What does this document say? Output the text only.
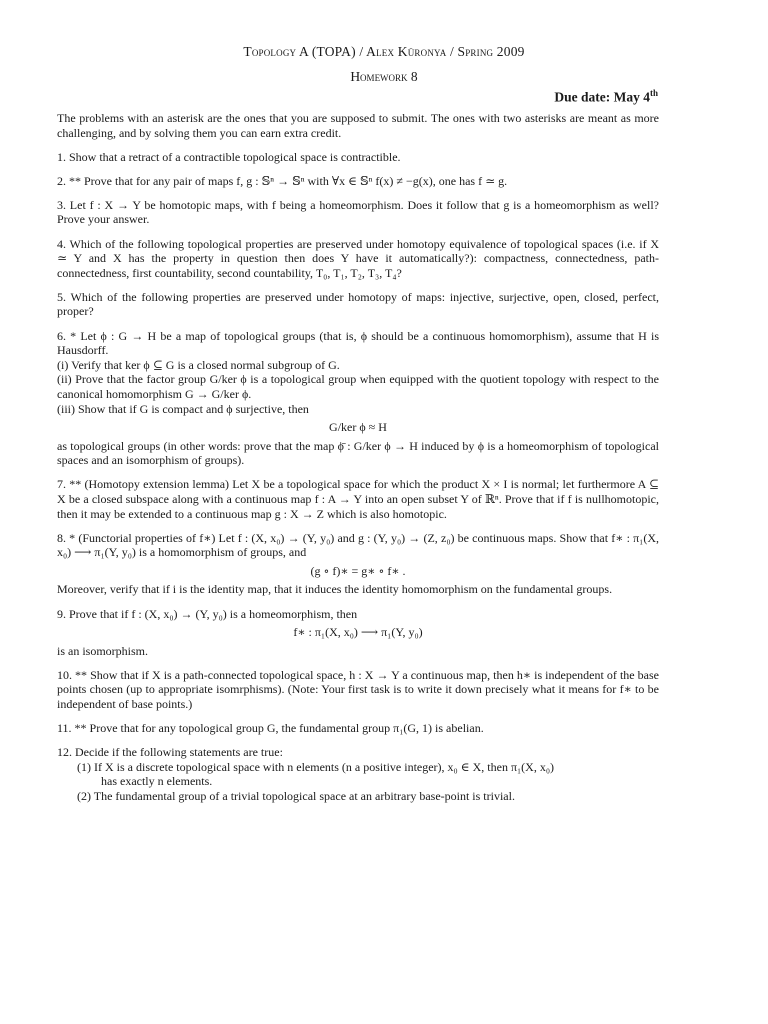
Topology A (TOPA) / Alex Küronya / Spring 2009
Homework 8
Due date: May 4th

The problems with an asterisk are the ones that you are supposed to submit. The ones with two asterisks are meant as more challenging, and by solving them you can earn extra credit.

1. Show that a retract of a contractible topological space is contractible.

2. ** Prove that for any pair of maps f, g : 𝕊ⁿ → 𝕊ⁿ with ∀x ∈ 𝕊ⁿ f(x) ≠ −g(x), one has f ≃ g.

3. Let f : X → Y be homotopic maps, with f being a homeomorphism. Does it follow that g is a homeomorphism as well? Prove your answer.

4. Which of the following topological properties are preserved under homotopy equivalence of topological spaces (i.e. if X ≃ Y and X has the property in question then does Y have it automatically?): compactness, connectedness, path-connectedness, first countability, second countability, T₀, T₁, T₂, T₃, T₄?

5. Which of the following properties are preserved under homotopy of maps: injective, surjective, open, closed, perfect, proper?

6. * Let ϕ : G → H be a map of topological groups (that is, ϕ should be a continuous homomorphism), assume that H is Hausdorff.
(i) Verify that ker ϕ ⊆ G is a closed normal subgroup of G.
(ii) Prove that the factor group G/ker ϕ is a topological group when equipped with the quotient topology with respect to the canonical homomorphism G → G/ker ϕ.
(iii) Show that if G is compact and ϕ surjective, then
G/ker ϕ ≈ H
as topological groups (in other words: prove that the map ϕ̄ : G/ker ϕ → H induced by ϕ is a homeomorphism of topological spaces and an isomorphism of groups).

7. ** (Homotopy extension lemma) Let X be a topological space for which the product X × I is normal; let furthermore A ⊆ X be a closed subspace along with a continuous map f : A → Y into an open subset Y of ℝⁿ. Prove that if f is nullhomotopic, then it may be extended to a continuous map g : X → Z which is also homotopic.

8. * (Functorial properties of f∗) Let f : (X, x₀) → (Y, y₀) and g : (Y, y₀) → (Z, z₀) be continuous maps. Show that f∗ : π₁(X, x₀) ⟶ π₁(Y, y₀) is a homomorphism of groups, and
(g ∘ f)∗ = g∗ ∘ f∗ .
Moreover, verify that if i is the identity map, that it induces the identity homomorphism on the fundamental groups.
9. Prove that if f : (X, x₀) → (Y, y₀) is a homeomorphism, then
f∗ : π₁(X, x₀) ⟶ π₁(Y, y₀)
is an isomorphism.

10. ** Show that if X is a path-connected topological space, h : X → Y a continuous map, then h∗ is independent of the base points chosen (up to appropriate isomrphisms). (Note: Your first task is to write it down precisely what it means for f∗ to be independent of base points.)

11. ** Prove that for any topological group G, the fundamental group π₁(G, 1) is abelian.

12. Decide if the following statements are true:
(1) If X is a discrete topological space with n elements (n a positive integer), x₀ ∈ X, then π₁(X, x₀)
has exactly n elements.
(2) The fundamental group of a trivial topological space at an arbitrary base-point is trivial.
